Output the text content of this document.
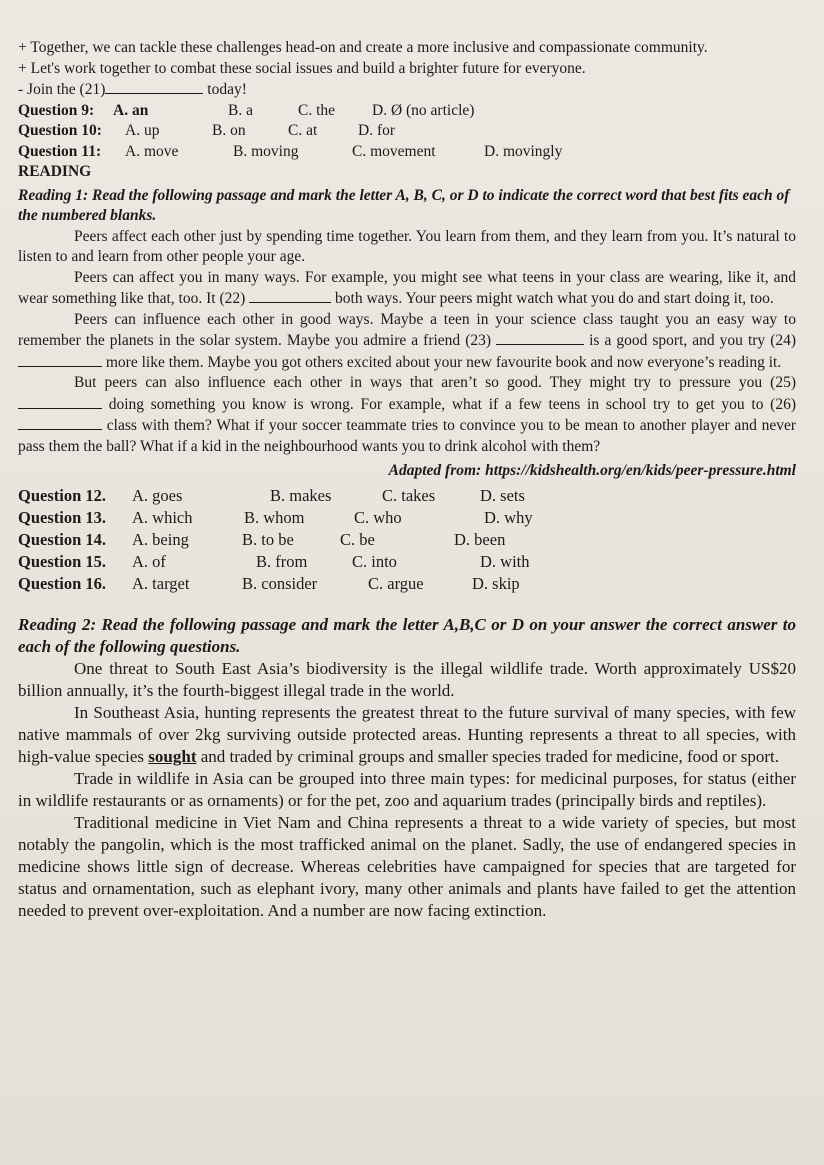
+ Together, we can tackle these challenges head-on and create a more inclusive and compassionate community.

+ Let's work together to combat these social issues and build a brighter future for everyone.

- Join the (21)	today!

Question 9: A. an	B. a	C. the D. Ø (no article)
Question 10: A. up	B. on	C. at	D. for
Question 11: A. move	B. moving	C. movement	D. movingly

READING

Reading 1: Read the following passage and mark the letter A, B, C, or D to indicate the correct word that best fits each of the numbered blanks.

Peers affect each other just by spending time together. You learn from them, and they learn from you. It’s natural to listen to and learn from other people your age.

Peers can affect you in many ways. For example, you might see what teens in your class are wearing, like it, and wear something like that, too. It (22)	both ways. Your peers might watch what you do and start doing it, too.

Peers can influence each other in good ways. Maybe a teen in your science class taught you an easy way to remember the planets in the solar system. Maybe you admire a friend (23)	is a good sport, and you try (24)  more like them. Maybe you got others excited about your new favourite book and now everyone’s reading it.

But peers can also influence each other in ways that aren’t so good. They might try to pressure you (25)  doing something you know is wrong. For example, what if a few teens in school try to get you to (26)  class with them? What if your soccer teammate tries to convince you to be mean to another player and never pass them the ball? What if a kid in the neighbourhood wants you to drink alcohol with them?

Adapted from: https://kidshealth.org/en/kids/peer-pressure.html

Question 12. A. goes	B. makes	C. takes	D. sets
Question 13. A. which	B. whom	C. who	D. why
Question 14. A. being	B. to be	C. be	D. been
Question 15. A. of	B. from	C. into	D. with
Question 16. A. target	B. consider	C. argue	D. skip

Reading 2: Read the following passage and mark the letter A,B,C or D on your answer the correct answer to each of the following questions.

One threat to South East Asia’s biodiversity is the illegal wildlife trade. Worth approximately US$20 billion annually, it’s the fourth-biggest illegal trade in the world.

In Southeast Asia, hunting represents the greatest threat to the future survival of many species, with few native mammals of over 2kg surviving outside protected areas. Hunting represents a threat to all species, with high-value species sought and traded by criminal groups and smaller species traded for medicine, food or sport.

Trade in wildlife in Asia can be grouped into three main types: for medicinal purposes, for status (either in wildlife restaurants or as ornaments) or for the pet, zoo and aquarium trades (principally birds and reptiles).

Traditional medicine in Viet Nam and China represents a threat to a wide variety of species, but most notably the pangolin, which is the most trafficked animal on the planet. Sadly, the use of endangered species in medicine shows little sign of decrease. Whereas celebrities have campaigned for species that are targeted for status and ornamentation, such as elephant ivory, many other animals and plants have failed to get the attention needed to prevent over-exploitation. And a number are now facing extinction.
